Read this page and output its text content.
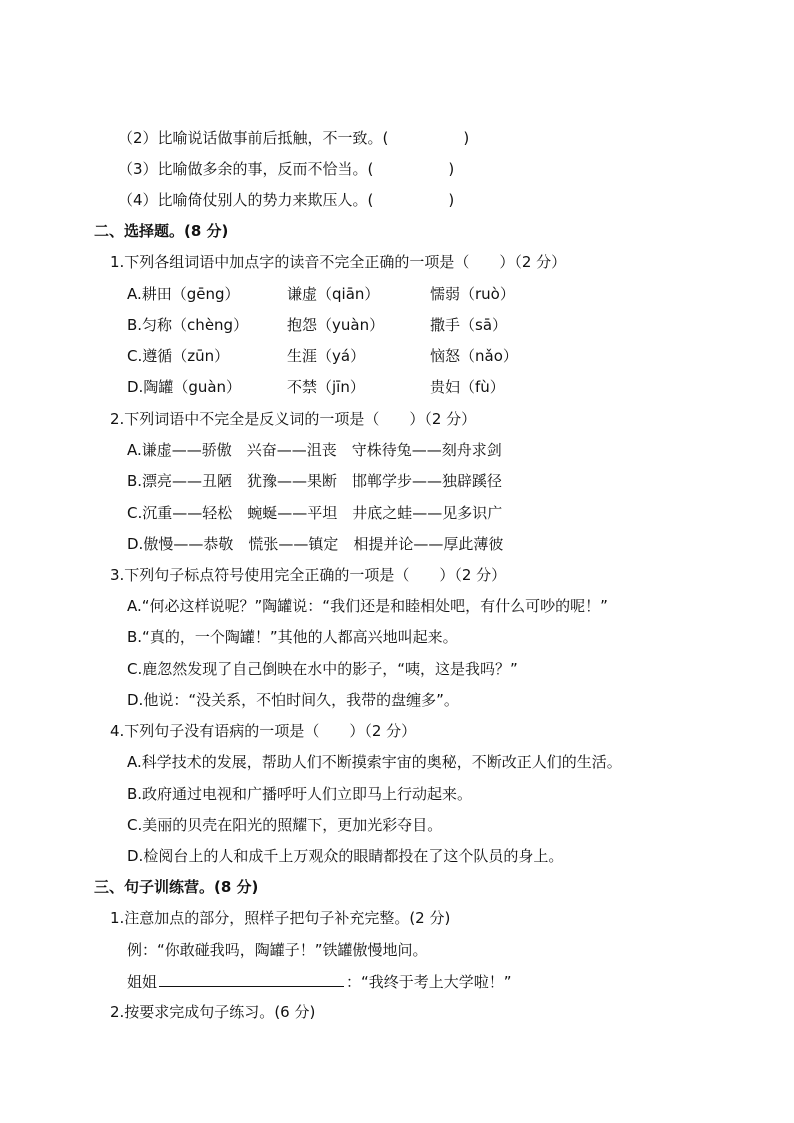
（2）比喻说话做事前后抵触，不一致。(　　　　　)
（3）比喻做多余的事，反而不恰当。(　　　　　)
（4）比喻倚仗别人的势力来欺压人。(　　　　　)
二、选择题。(8 分)
1.下列各组词语中加点字的读音不完全正确的一项是（　　）（2 分）
A.耕田（gēng）	谦虚（qiān）	懦弱（ruò）
B.匀称（chèng）	抱怨（yuàn）	撒手（sā）
C.遵循（zūn）	生涯（yá）	恼怒（nǎo）
D.陶罐（guàn）	不禁（jīn）	贵妇（fù）
2.下列词语中不完全是反义词的一项是（　　）（2 分）
A.谦虚——骄傲　兴奋——沮丧　守株待兔——刻舟求剑
B.漂亮——丑陋　犹豫——果断　邯郸学步——独辟蹊径
C.沉重——轻松　蜿蜒——平坦　井底之蛙——见多识广
D.傲慢——恭敬　慌张——镇定　相提并论——厚此薄彼
3.下列句子标点符号使用完全正确的一项是（　　）（2 分）
A.“何必这样说呢？”陶罐说：“我们还是和睦相处吧，有什么可吵的呢！”
B.“真的，一个陶罐！”其他的人都高兴地叫起来。
C.鹿忽然发现了自己倒映在水中的影子，“咦，这是我吗？”
D.他说：“没关系，不怕时间久，我带的盘缠多”。
4.下列句子没有语病的一项是（　　）（2 分）
A.科学技术的发展，帮助人们不断摸索宇宙的奥秘，不断改正人们的生活。
B.政府通过电视和广播呼吁人们立即马上行动起来。
C.美丽的贝壳在阳光的照耀下，更加光彩夺目。
D.检阅台上的人和成千上万观众的眼睛都投在了这个队员的身上。
三、句子训练营。(8 分)
1.注意加点的部分，照样子把句子补充完整。(2 分)
例：“你敢碰我吗，陶罐子！”铁罐傲慢地问。
姐姐	：“我终于考上大学啦！”
2.按要求完成句子练习。(6 分)
